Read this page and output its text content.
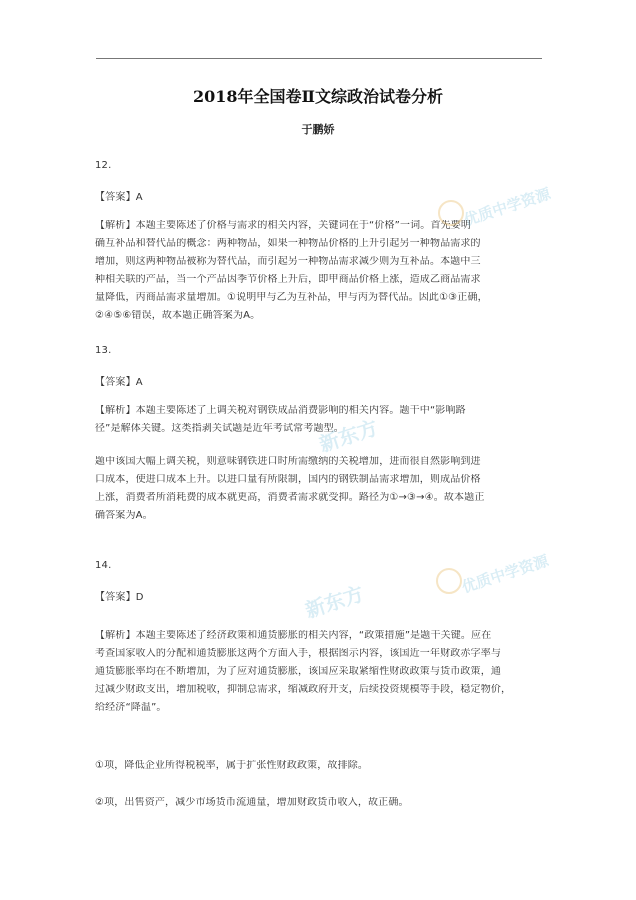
2018年全国卷Ⅱ文综政治试卷分析
于鹏娇
12.
【答案】A
【解析】本题主要陈述了价格与需求的相关内容，关键词在于“价格”一词。首先要明
确互补品和替代品的概念：两种物品，如果一种物品价格的上升引起另一种物品需求的
增加，则这两种物品被称为替代品，而引起另一种物品需求减少则为互补品。本题中三
种相关联的产品，当一个产品因季节价格上升后，即甲商品价格上涨，造成乙商品需求
量降低，丙商品需求量增加。①说明甲与乙为互补品，甲与丙为替代品。因此①③正确，
②④⑤⑥错误，故本题正确答案为A。
13.
【答案】A
【解析】本题主要陈述了上调关税对钢铁成品消费影响的相关内容。题干中“影响路
径”是解体关键。这类指剥关试题是近年考试常考题型。
题中该国大幅上调关税，则意味钢铁进口时所需缴纳的关税增加，进而很自然影响到进
口成本，使进口成本上升。以进口量有所限制，国内的钢铁制品需求增加，则成品价格
上涨，消费者所消耗费的成本就更高，消费者需求就受抑。路径为①→③→④。故本题正
确答案为A。
14.
【答案】D
【解析】本题主要陈述了经济政策和通货膨胀的相关内容，“政策措施”是题干关键。应在
考查国家收入的分配和通货膨胀这两个方面入手，根据图示内容，该国近一年财政赤字率与
通货膨胀率均在不断增加，为了应对通货膨胀，该国应采取紧缩性财政政策与货币政策，通
过减少财政支出，增加税收，抑制总需求，缩减政府开支，后续投资规模等手段，稳定物价，
给经济“降温”。
①项，降低企业所得税税率，属于扩张性财政政策，故排除。
②项，出售资产，减少市场货币流通量，增加财政货币收入，故正确。
优质中学资源
新东方
优质中学资源
新东方
